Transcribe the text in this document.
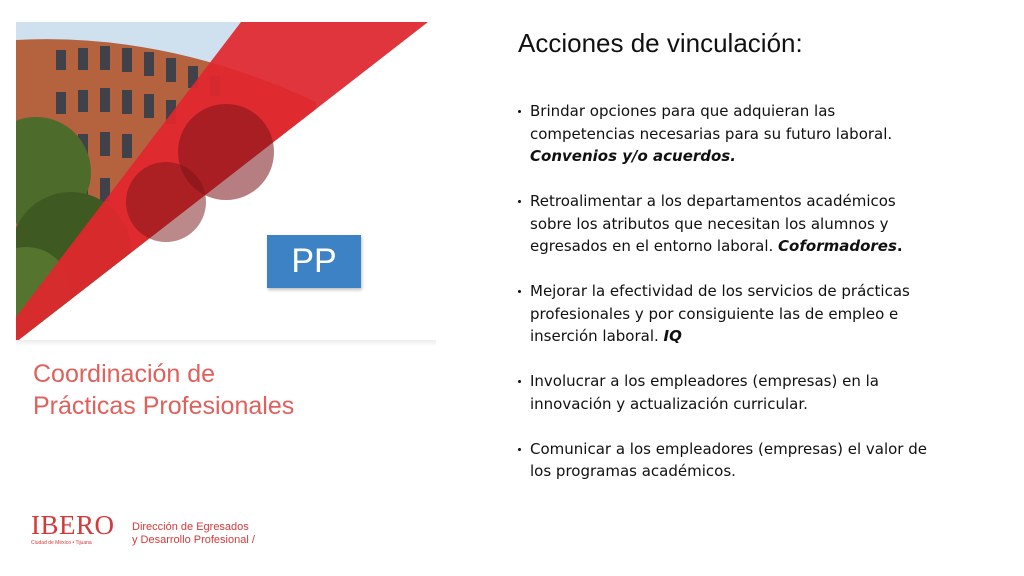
PP
Coordinación de
Prácticas Profesionales
Acciones de vinculación:
Brindar opciones para que adquieran las competencias necesarias para su futuro laboral. Convenios y/o acuerdos.
Retroalimentar a los departamentos académicos sobre los atributos que necesitan los alumnos y egresados en el entorno laboral. Coformadores.
Mejorar la efectividad de los servicios de prácticas profesionales y por consiguiente las de empleo e inserción laboral. IQ
Involucrar a los empleadores (empresas) en la innovación y actualización curricular.
Comunicar a los empleadores (empresas) el valor de los programas académicos.
IBERO
Ciudad de México • Tijuana
Dirección de Egresados
y Desarrollo Profesional /
